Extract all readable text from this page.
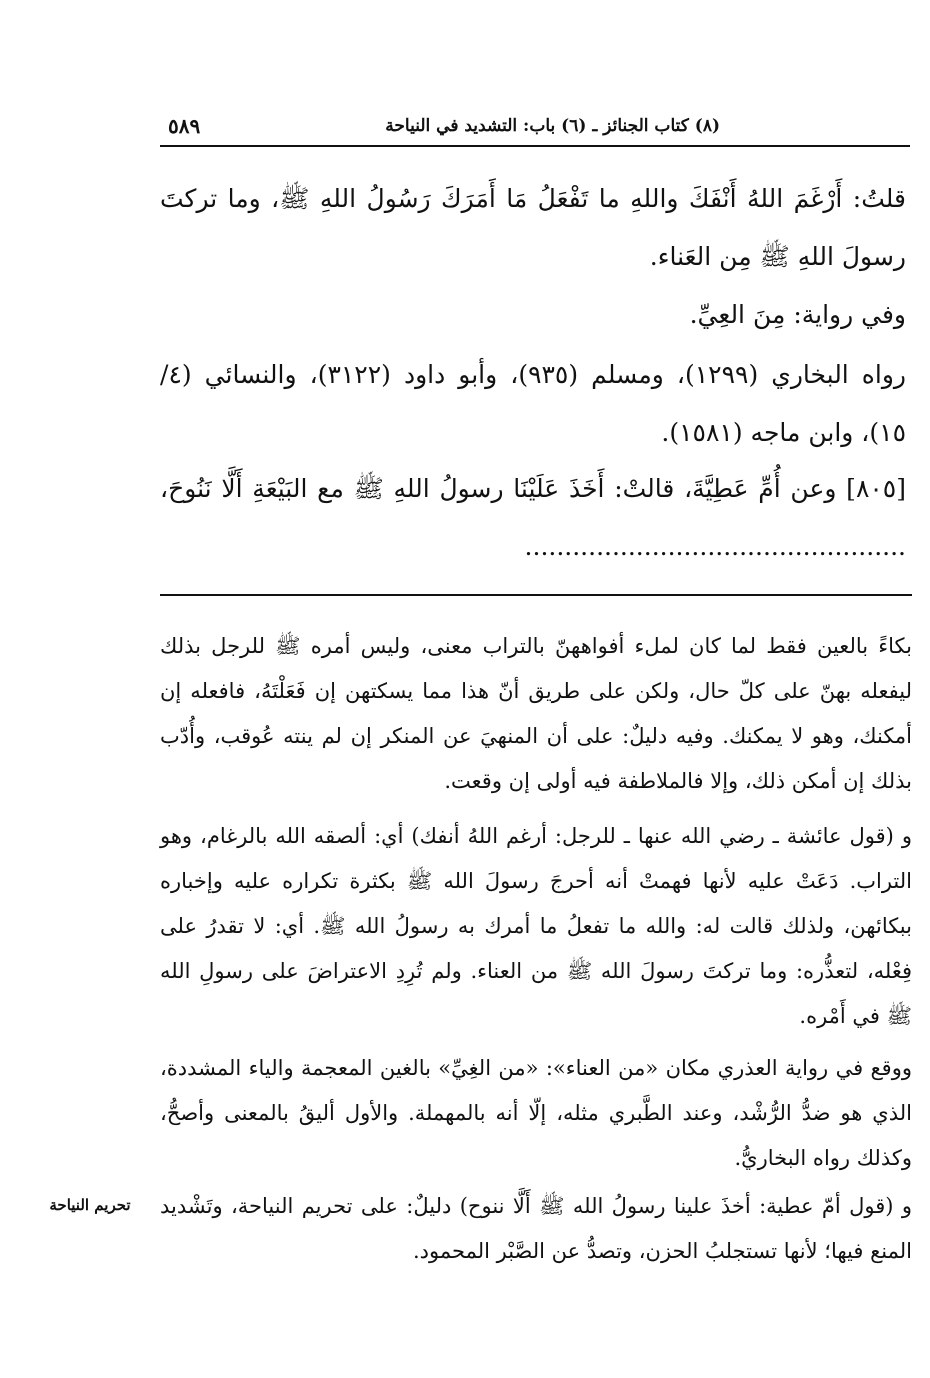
(٨) كتاب الجنائز ـ (٦) باب: التشديد في النياحة
٥٨٩

قلتُ: أَرْغَمَ اللهُ أَنْفَكَ واللهِ ما تَفْعَلُ مَا أَمَرَكَ رَسُولُ اللهِ ﷺ، وما تركتَ رسولَ اللهِ ﷺ مِن العَناء.

وفي رواية: مِنَ العِيِّ.

رواه البخاري (١٢٩٩)، ومسلم (٩٣٥)، وأبو داود (٣١٢٢)، والنسائي (٤/ ١٥)، وابن ماجه (١٥٨١).

[٨٠٥] وعن أُمِّ عَطِيَّةَ، قالتْ: أَخَذَ عَلَيْنَا رسولُ اللهِ ﷺ مع البَيْعَةِ أَلَّا نَنُوحَ، ................................................

بكاءً بالعين فقط لما كان لملء أفواههنّ بالتراب معنى، وليس أمره ﷺ للرجل بذلك ليفعله بهنّ على كلّ حال، ولكن على طريق أنّ هذا مما يسكتهن إن فَعَلْتَهُ، فافعله إن أمكنك، وهو لا يمكنك. وفيه دليلٌ: على أن المنهيَ عن المنكر إن لم ينته عُوقب، وأُدّب بذلك إن أمكن ذلك، وإلا فالملاطفة فيه أولى إن وقعت.

و (قول عائشة ـ رضي الله عنها ـ للرجل: أرغم اللهُ أنفك) أي: ألصقه الله بالرغام، وهو التراب. دَعَتْ عليه لأنها فهمتْ أنه أحرجَ رسولَ الله ﷺ بكثرة تكراره عليه وإخباره ببكائهن، ولذلك قالت له: والله ما تفعلُ ما أمرك به رسولُ الله ﷺ. أي: لا تقدرُ على فِعْله، لتعذُّره: وما تركتَ رسولَ الله ﷺ من العناء. ولم تُرِدِ الاعتراضَ على رسولِ الله ﷺ في أَمْره.

ووقع في رواية العذري مكان «من العناء»: «من الغِيِّ» بالغين المعجمة والياء المشددة، الذي هو ضدُّ الرُّشْد، وعند الطَّبري مثله، إلّا أنه بالمهملة. والأول أليقُ بالمعنى وأصحُّ، وكذلك رواه البخاريُّ.

و (قول أمّ عطية: أخذَ علينا رسولُ الله ﷺ أَلَّا ننوح) دليلٌ: على تحريم النياحة، وتَشْديد المنع فيها؛ لأنها تستجلبُ الحزن، وتصدُّ عن الصَّبْر المحمود.

تحريم النياحة
